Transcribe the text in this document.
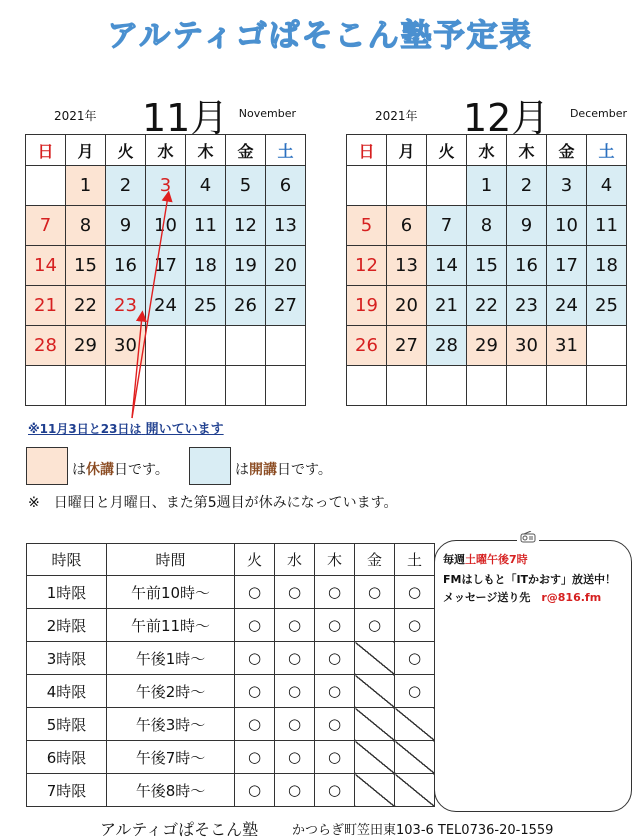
アルティゴぱそこん塾予定表
2021年 11月 November
日	月	火	水	木	金	土
	1	2	3	4	5	6
7	8	9	10	11	12	13
14	15	16	17	18	19	20
21	22	23	24	25	26	27
28	29	30				

2021年 12月 December
日	月	火	水	木	金	土
			1	2	3	4
5	6	7	8	9	10	11
12	13	14	15	16	17	18
19	20	21	22	23	24	25
26	27	28	29	30	31	

※11月3日と23日は 開いています
は休講日です。	は開講日です。
※　日曜日と月曜日、また第5週目が休みになっています。
時限	時間	火	水	木	金	土
1時限	午前10時～	○	○	○	○	○
2時限	午前11時～	○	○	○	○	○
3時限	午後1時～	○	○	○		○
4時限	午後2時～	○	○	○		○
5時限	午後3時～	○	○	○		
6時限	午後7時～	○	○	○		
7時限	午後8時～	○	○	○		
毎週土曜午後7時
FMはしもと「ITかおす」放送中！
メッセージ送り先　 r@816.fm
アルティゴぱそこん塾	かつらぎ町笠田東103-6 TEL0736-20-1559
